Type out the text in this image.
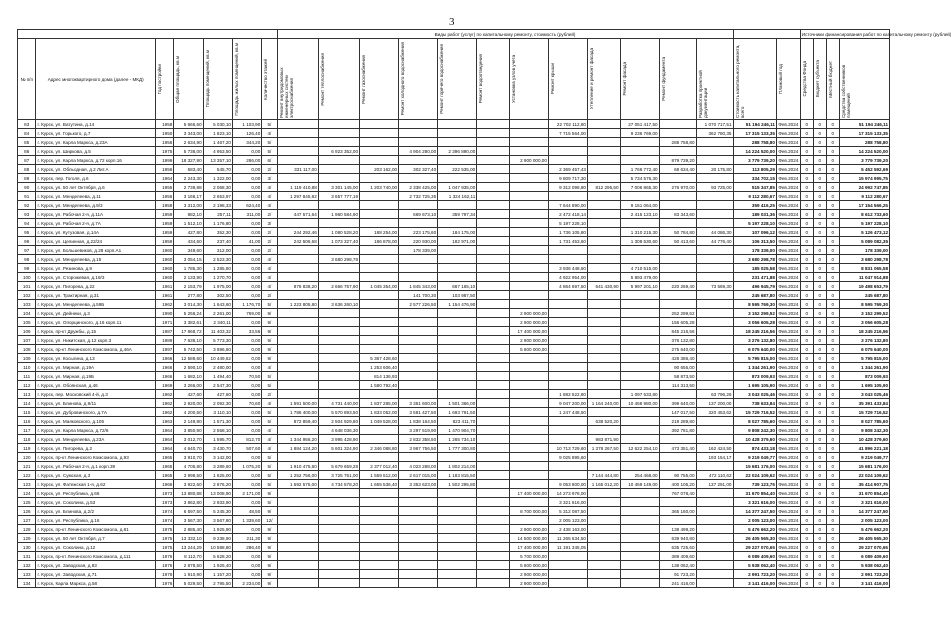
3
							Виды работ (услуг) по капитальному ремонту, стоимость (рублей)														Источники финансирования работ по капитальному ремонту (рублей)			

№ п/п	Адрес многоквартирного дома (далее - МКД)	Год постройки	Общая площадь, кв.м	Площадь помещений, кв.м	Площадь жилых помещений, кв.м	Количество этажей	Ремонт внутридомовых инженерных систем электроснабжения	Ремонт теплоснабжения	Ремонт газоснабжения	Ремонт холодного водоснабжения	Ремонт горячего водоснабжения	Ремонт водоотведения	Установка узлов учета	Ремонт крыши	Утепление и ремонт фасада	Ремонт фасада	Ремонт фундамента	Разработка проектной документации	Стоимость капитального ремонта, всего	Плановый год	Средства Фонда	Бюджет субъекта	Местный бюджет	Средства собственников помещений

83	г. Курск, ул. Ватутина, д.14	1958	5 666,60	5 030,10	1 103,90	5/								22 702 112,80		27 051 417,50		1 070 717,51	51 194 246,11	Фев.2024	0	0	0	51 194 246,11
84	г. Курск, ул. Горького, д.7	1950	3 343,00	1 823,10	126,40	4/								7 715 564,00		9 236 769,00		362 780,35	17 315 133,35	Фев.2024	0	0	0	17 315 133,35
85	г. Курск, ул. Карла Маркса, д.23А	1956	2 634,90	1 467,20	344,20	5/											288 758,80		288 758,80	Фев.2024	0	0	0	288 758,80
86	г. Курск, ул. Ширкова, д.5	1975	5 736,00	4 953,50	0,00	5/		6 923 352,00		4 904 280,00	2 396 890,00								14 224 520,00	Фев.2024	0	0	0	14 224 520,00
87	г. Курск, ул. Карла Маркса, д.72 корп.16	1999	18 327,90	13 357,10	286,00	6/							2 900 000,00				879 739,20		3 779 739,20	Фев.2024	0	0	0	3 779 739,20
88	г. Курск, ул. Обльодная, д.2 Лит.А	1956	583,40	545,70	0,00	2/	331 117,00		203 162,00	302 327,40	222 535,00			2 369 457,43		1 766 772,40	68 634,40	20 175,80	113 805,29	Фев.2024	0	0	0	5 452 592,69
89	г. Курск, пер. Гоголя, д.6	1964	2 243,30	1 322,00	0,00	3/								9 809 717,30		5 734 576,30			334 702,15	Фев.2024	0	0	0	15 974 995,75
90	г. Курск, ул. 50 лет Октября, д.6	1955	2 739,88	2 068,30	0,00	4/	1 119 410,88	3 301 145,00	1 203 740,00	2 338 425,00	1 047 935,00			9 312 098,80	812 295,50	7 006 865,30	276 970,00	93 725,00	515 347,85	Фев.2024	0	0	0	24 992 747,85
91	г. Курск, ул. Менделеева, д.11	1956	3 166,17	2 653,97	0,00	4/	1 297 845,92	3 657 777,19		2 732 725,35	1 324 162,11								9 112 280,67	Фев.2024	0	0	0	9 112 280,67
92	г. Курск, ул. Менделеева, д.9/3	1958	3 312,00	2 198,33	624,40	4/								7 644 890,00		9 151 064,00			359 416,25	Фев.2024	0	0	0	17 154 566,25
93	г. Курск, ул. Рабочая 2-я, д.11А	1959	882,10	257,11	311,00	2/	447 571,64	1 960 584,90		669 673,10	359 797,34			2 472 418,14		2 415 123,10	83 343,60		189 031,36	Фев.2024	0	0	0	8 612 733,60
94	г. Курск, ул. Рабочая 2-я, д.7А	1959	1 512,10	1 176,80	0,00	3/								5 197 228,10					5 197 228,10	Фев.2024	0	0	0	5 197 228,10
95	г. Курск, ул. Кутузовая, д.14А	1959	427,80	352,30	0,00	2/	244 292,46	1 080 528,20	188 254,00	223 175,60	184 175,00			1 736 105,80		1 310 215,30	50 784,80	44 086,30	107 096,12	Фев.2024	0	0	0	5 126 473,12
96	г. Курск, ул. Целинная, д.22/24	1959	434,60	237,40	41,00	2/	242 506,68	1 073 327,40	186 878,00	220 930,00	182 971,00			1 731 453,60		1 308 530,60	50 413,60	44 776,40	106 313,50	Фев.2024	0	0	0	5 089 082,35
97	г. Курск, ул. Большевиков, д.28 корп.А1	1960	349,60	312,00	0,00	2/				178 339,00									178 339,00	Фев.2024	0	0	0	178 339,00
98	г. Курск, ул. Менделеева, д.15	1960	3 054,15	2 523,30	0,00	4/		3 680 298,78											3 680 298,78	Фев.2024	0	0	0	3 680 298,78
99	г. Курск, ул. Резинова, д.9	1960	1 785,30	1 285,80	0,00	4/								3 936 448,60		4 710 515,00			185 025,58	Фев.2024	0	0	0	8 831 065,58
100	г. Курск, ул. Сторожевая, д.19/3	1960	2 133,90	1 270,70	0,00	4/								4 922 954,00		5 893 479,00			231 471,88	Фев.2024	0	0	0	11 047 914,88
101	г. Курск, ул. Пигорева, д.22	1961	2 153,79	1 975,00	0,00	4/	876 838,20	2 666 757,90	1 045 354,00	1 845 343,00	667 165,10			4 864 697,50	641 430,90	5 997 201,10	220 269,40	73 569,30	496 945,79	Фев.2024	0	0	0	19 498 653,79
102	г. Курск, ул. Трактирная, д.31	1961	277,80	302,50	0,00	2/				141 700,30	103 987,50								245 687,80	Фев.2024	0	0	0	245 687,80
103	г. Курск, ул. Менделеева, д.59Б	1962	3 014,30	1 643,60	1 176,70	5/	1 223 805,80	3 636 260,10		2 577 226,50	1 154 476,90								8 595 769,30	Фев.2024	0	0	0	8 595 769,30
104	г. Курск, ул. Дейнеки, д.3	1990	5 256,24	2 261,00	769,00	9/							2 900 000,00				252 299,52		3 152 299,52	Фев.2024	0	0	0	3 152 299,52
105	г. Курск, ул. Опорцинского, д.16 корп.11	1971	3 382,61	2 340,11	0,00	9/							2 900 000,00				156 605,28		3 056 605,28	Фев.2024	0	0	0	3 056 605,28
106	г. Курск, пр-кт Дружбы, д.15	1987	17 868,72	11 403,32	33,56	9/							17 400 000,00				845 216,56		18 245 216,56	Фев.2024	0	0	0	18 245 216,56
107	г. Курск, ул. Никитская, д.12 корп.3	1989	7 636,10	5 773,30	0,00	9/							2 900 000,00				376 132,80		3 276 132,80	Фев.2024	0	0	0	3 276 132,80
108	г. Курск, пр-кт Ленинского Комсомола, д.46А	1997	5 742,50	3 896,60	0,00	9/							5 800 000,00				275 640,00		6 075 640,00	Фев.2024	0	0	0	6 075 640,00
109	г. Курск, ул. Косыгина, д.13	1966	12 589,60	10 449,62	0,00	9/			5 367 428,60								428 386,40		5 795 815,00	Фев.2024	0	0	0	5 795 815,00
110	г. Курск, ул. Мирная, д.19А	1966	2 590,10	2 480,00	0,00	4/			1 253 606,40								90 655,00		1 344 261,90	Фев.2024	0	0	0	1 344 261,90
111	г. Курск, ул. Мирная, д.19Б	1966	1 682,10	1 494,40	70,50	5/			814 136,93								58 873,50		873 009,93	Фев.2024	0	0	0	873 009,93
112	г. Курск, ул. Обоянская, д.46	1969	3 266,00	2 547,30	0,00	5/			1 580 792,40								114 313,50		1 695 105,90	Фев.2024	0	0	0	1 695 105,90
113	г. Курск, пер. Московский 4-й, д.3	1962	427,60	427,60	0,00	2/								1 882 522,80		1 097 533,80		63 796,26	3 043 025,46	Фев.2024	0	0	0	3 043 025,46
114	г. Курск, ул. Блинова, д.9/11	1962	2 920,00	2 092,30	70,60	4/	1 591 500,00	4 731 440,00	1 837 285,00	3 351 600,00	1 501 366,00			9 047 200,00	1 164 240,00	10 468 980,00	399 640,00	137 200,00	738 633,84	Фев.2024	0	0	0	35 391 433,84
115	г. Курск, ул. Дубровинского, д.7А	1962	4 200,50	3 110,10	0,00	5/	1 786 400,00	5 570 893,50	1 833 052,00	3 581 427,50	1 693 791,50			1 247 448,50			147 017,50	320 453,62	15 729 716,52	Фев.2024	0	0	0	15 729 716,52
116	г. Курск, ул. Маяковского, д.105	1963	2 149,90	1 571,30	0,00	5/	872 859,40	2 504 929,80	1 049 528,00	1 838 164,50	823 411,70				638 520,20		219 289,80		8 027 785,60	Фев.2024	0	0	0	8 027 785,60
117	г. Курск, ул. Карла Маркса, д.72/6	1964	3 850,90	2 558,10	0,00	4/		4 648 036,30		3 297 519,90	1 470 904,70						392 781,80		9 808 242,30	Фев.2024	0	0	0	9 808 242,30
118	г. Курск, ул. Менделеева, д.23А	1964	3 012,70	1 595,70	812,70	4/	1 344 956,20	3 995 428,90		2 832 358,50	1 265 734,10				983 871,90				10 428 379,60	Фев.2024	0	0	0	10 428 379,60
119	г. Курск, ул. Пигорева, д.2	1964	4 640,70	3 430,70	507,60	4/	1 884 124,20	5 601 324,90	2 346 088,80	3 967 756,50	1 777 300,80			10 713 729,60	1 378 267,50	12 622 254,10	473 351,40	162 424,50	874 433,18	Фев.2024	0	0	0	41 896 221,18
120	г. Курск, пр-кт Ленинского Комсомола, д.93	1965	3 910,70	3 142,00	0,00	5/								9 025 895,60				193 154,17	9 219 049,77	Фев.2024	0	0	0	9 219 049,77
121	г. Курск, ул. Рабочая 2-я, д.1 корп.39	1965	4 705,80	3 289,60	1 075,20	5/	1 910 475,60	5 679 659,28	2 377 012,40	4 023 288,00	1 802 214,00								15 681 176,00	Фев.2024	0	0	0	15 681 176,00
122	г. Курск, ул. Сумская, д.3	1965	3 998,50	1 625,00	0,00	5/	1 252 756,00	3 725 751,00	1 559 512,00	2 617 015,00	1 183 815,50				7 144 444,80	254 468,00	90 755,00	472 110,62	22 024 109,62	Фев.2024	0	0	0	22 024 109,62
123	г. Курск, ул. Фатежская 1-я, д.62	1966	3 922,60	2 876,20	0,00	5/	1 592 575,00	4 734 578,20	1 655 536,40	3 353 623,00	1 502 295,80			9 053 800,00	1 165 012,20	10 459 149,00	400 105,20	137 291,00	739 123,75	Фев.2024	0	0	0	35 414 907,75
124	г. Курск, ул. Республика, д.66	1973	13 880,88	13 008,90	2 171,00	9/							17 400 000,00	14 273 978,00			767 078,40		31 670 854,40	Фев.2024	0	0	0	31 670 854,40
125	г. Курск, ул. Соколина, д.53	1973	3 862,80	2 933,90	0,00	5/								3 321 616,00					3 321 616,00	Фев.2024	0	0	0	3 321 616,00
126	г. Курск, ул. Блинова, д.2/2	1974	6 597,50	5 245,30	48,50	9/							8 700 000,00	5 312 087,50			365 160,00		14 377 247,50	Фев.2024	0	0	0	14 377 247,50
127	г. Курск, ул. Республика, д.16	1974	3 567,30	3 567,80	1 339,60	12/								2 005 123,00					2 005 123,00	Фев.2024	0	0	0	2 005 123,00
128	г. Курск, пр-кт Ленинского Комсомола, д.81	1975	2 885,40	1 925,90	0,00	9/							2 900 000,00	2 438 163,00			138 499,20		5 476 662,20	Фев.2024	0	0	0	5 476 662,20
129	г. Курск, ул. 50 лет Октября, д.7	1975	13 332,10	9 238,90	211,30	9/							14 500 000,00	11 265 634,50			639 940,80		26 405 565,30	Фев.2024	0	0	0	26 405 565,30
130	г. Курск, ул. Соколина, д.12	1975	13 244,29	10 588,80	286,40	9/							17 400 000,00	11 191 345,05			635 725,60		29 227 070,65	Фев.2024	0	0	0	29 227 070,65
131	г. Курск, пр-кт Ленинского Комсомола, д.111	1976	8 112,70	5 628,20	0,00	9/							5 700 000,00				389 409,60		6 089 409,60	Фев.2024	0	0	0	6 089 409,60
132	г. Курск, ул. Заводская, д.83	1976	2 878,50	1 925,40	0,00	9/							5 800 000,00				138 062,40		5 938 062,40	Фев.2024	0	0	0	5 938 062,40
133	г. Курск, ул. Заводская, д.71	1976	1 910,90	1 157,20	0,00	9/							2 900 000,00				91 723,20		2 991 723,20	Фев.2024	0	0	0	2 991 723,20
134	г. Курск, Карла Маркса, д.58	1976	5 029,50	2 795,50	2 234,00	9/							2 900 000,00				241 416,00		3 141 416,00	Фев.2024	0	0	0	3 141 416,00
